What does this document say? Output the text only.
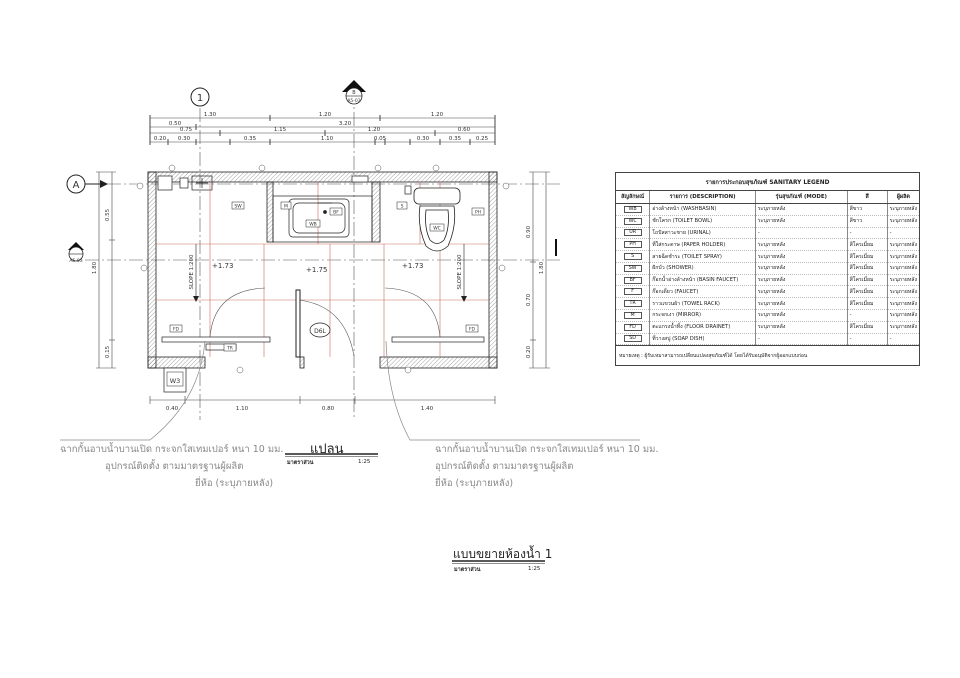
1
A
B
A5-03
A5-03
1.30	1.20	1.20
0.50	3.20
0.75	1.15	1.20	0.60
0.20 0.30	0.35	1.10	0.05	0.30	0.35	0.25
1.80
0.55
0.15
1.80
0.90
0.70
0.20
0.40	1.10	0.80	1.40
D6L
W3
SW	M
BF
WB
S
WC
PH
FD	FD
TR
+1.73	+1.75	+1.73
SLOPE 1:200	SLOPE 1:200
ฉากกั้นอาบน้ำบานเปิด กระจกใสเทมเปอร์ หนา 10 มม.
อุปกรณ์ติดตั้ง ตามมาตรฐานผู้ผลิต
ยี่ห้อ (ระบุภายหลัง)
ฉากกั้นอาบน้ำบานเปิด กระจกใสเทมเปอร์ หนา 10 มม.
อุปกรณ์ติดตั้ง ตามมาตรฐานผู้ผลิต
ยี่ห้อ (ระบุภายหลัง)
แปลน
มาตราส่วน	1:25
แบบขยายห้องน้ำ 1
มาตราส่วน	1:25
รายการประกอบสุขภัณฑ์ SANITARY LEGEND
สัญลักษณ์	รายการ (DESCRIPTION)	รุ่นสุขภัณฑ์ (MODE)	สี	ผู้ผลิต
WB	อ่างล้างหน้า (WASHBASIN)	ระบุภายหลัง	สีขาว	ระบุภายหลัง
WC	ชักโครก (TOILET BOWL)	ระบุภายหลัง	สีขาว	ระบุภายหลัง
UR	โถปัสสาวะชาย (URINAL)	-	-	-
PH	ที่ใส่กระดาษ (PAPER HOLDER)	ระบุภายหลัง	สีโครเมี่ยม	ระบุภายหลัง
S	สายฉีดชำระ (TOILET SPRAY)	ระบุภายหลัง	สีโครเมี่ยม	ระบุภายหลัง
SW	ฝักบัว (SHOWER)	ระบุภายหลัง	สีโครเมี่ยม	ระบุภายหลัง
BF	ก๊อกน้ำอ่างล้างหน้า (BASIN FAUCET)	ระบุภายหลัง	สีโครเมี่ยม	ระบุภายหลัง
F	ก๊อกเดี่ยว (FAUCET)	ระบุภายหลัง	สีโครเมี่ยม	ระบุภายหลัง
TR	ราวแขวนผ้า (TOWEL RACK)	ระบุภายหลัง	สีโครเมี่ยม	ระบุภายหลัง
M	กระจกเงา (MIRROR)	ระบุภายหลัง	-	ระบุภายหลัง
FD	ตะแกรงน้ำทิ้ง (FLOOR DRAINET)	ระบุภายหลัง	สีโครเมี่ยม	ระบุภายหลัง
SD	ที่วางสบู่ (SOAP DISH)	-	-	-
หมายเหตุ : ผู้รับเหมาสามารถเปลี่ยนแปลงสุขภัณฑ์ได้ โดยได้รับอนุมัติจากผู้ออกแบบก่อน
